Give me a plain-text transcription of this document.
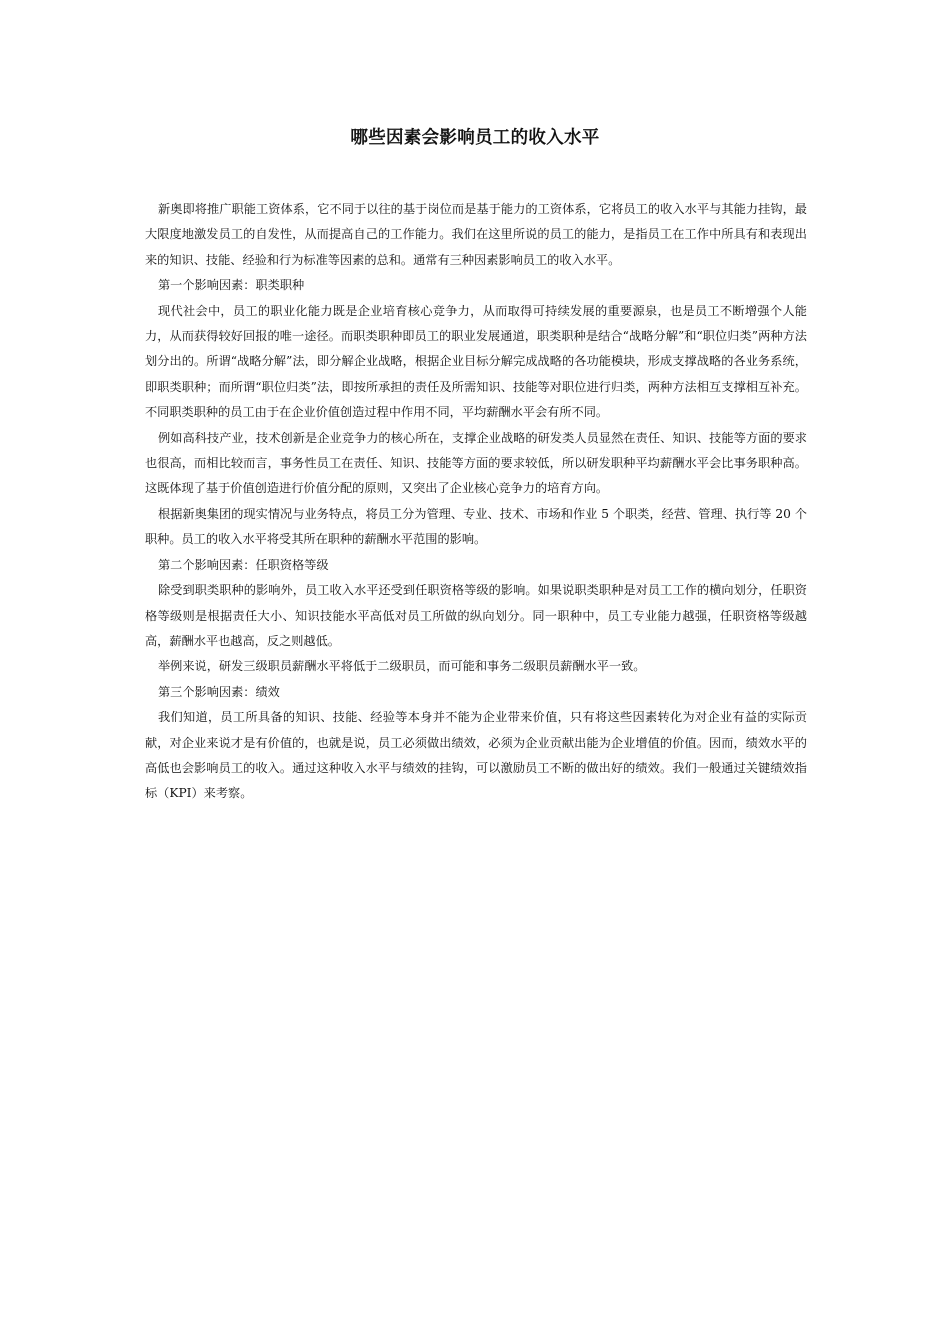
哪些因素会影响员工的收入水平

新奥即将推广职能工资体系，它不同于以往的基于岗位而是基于能力的工资体系，它将员工的收入水平与其能力挂钩，最大限度地激发员工的自发性，从而提高自己的工作能力。我们在这里所说的员工的能力，是指员工在工作中所具有和表现出来的知识、技能、经验和行为标准等因素的总和。通常有三种因素影响员工的收入水平。

第一个影响因素：职类职种

现代社会中，员工的职业化能力既是企业培育核心竞争力，从而取得可持续发展的重要源泉，也是员工不断增强个人能力，从而获得较好回报的唯一途径。而职类职种即员工的职业发展通道，职类职种是结合“战略分解”和“职位归类”两种方法划分出的。所谓“战略分解”法，即分解企业战略，根据企业目标分解完成战略的各功能模块，形成支撑战略的各业务系统，即职类职种；而所谓“职位归类”法，即按所承担的责任及所需知识、技能等对职位进行归类，两种方法相互支撑相互补充。不同职类职种的员工由于在企业价值创造过程中作用不同，平均薪酬水平会有所不同。

例如高科技产业，技术创新是企业竞争力的核心所在，支撑企业战略的研发类人员显然在责任、知识、技能等方面的要求也很高，而相比较而言，事务性员工在责任、知识、技能等方面的要求较低，所以研发职种平均薪酬水平会比事务职种高。这既体现了基于价值创造进行价值分配的原则，又突出了企业核心竞争力的培育方向。

根据新奥集团的现实情况与业务特点，将员工分为管理、专业、技术、市场和作业 5 个职类，经营、管理、执行等 20 个职种。员工的收入水平将受其所在职种的薪酬水平范围的影响。

第二个影响因素：任职资格等级

除受到职类职种的影响外，员工收入水平还受到任职资格等级的影响。如果说职类职种是对员工工作的横向划分，任职资格等级则是根据责任大小、知识技能水平高低对员工所做的纵向划分。同一职种中，员工专业能力越强，任职资格等级越高，薪酬水平也越高，反之则越低。

举例来说，研发三级职员薪酬水平将低于二级职员，而可能和事务二级职员薪酬水平一致。

第三个影响因素：绩效

我们知道，员工所具备的知识、技能、经验等本身并不能为企业带来价值，只有将这些因素转化为对企业有益的实际贡献，对企业来说才是有价值的，也就是说，员工必须做出绩效，必须为企业贡献出能为企业增值的价值。因而，绩效水平的高低也会影响员工的收入。通过这种收入水平与绩效的挂钩，可以激励员工不断的做出好的绩效。我们一般通过关键绩效指标（KPI）来考察。
